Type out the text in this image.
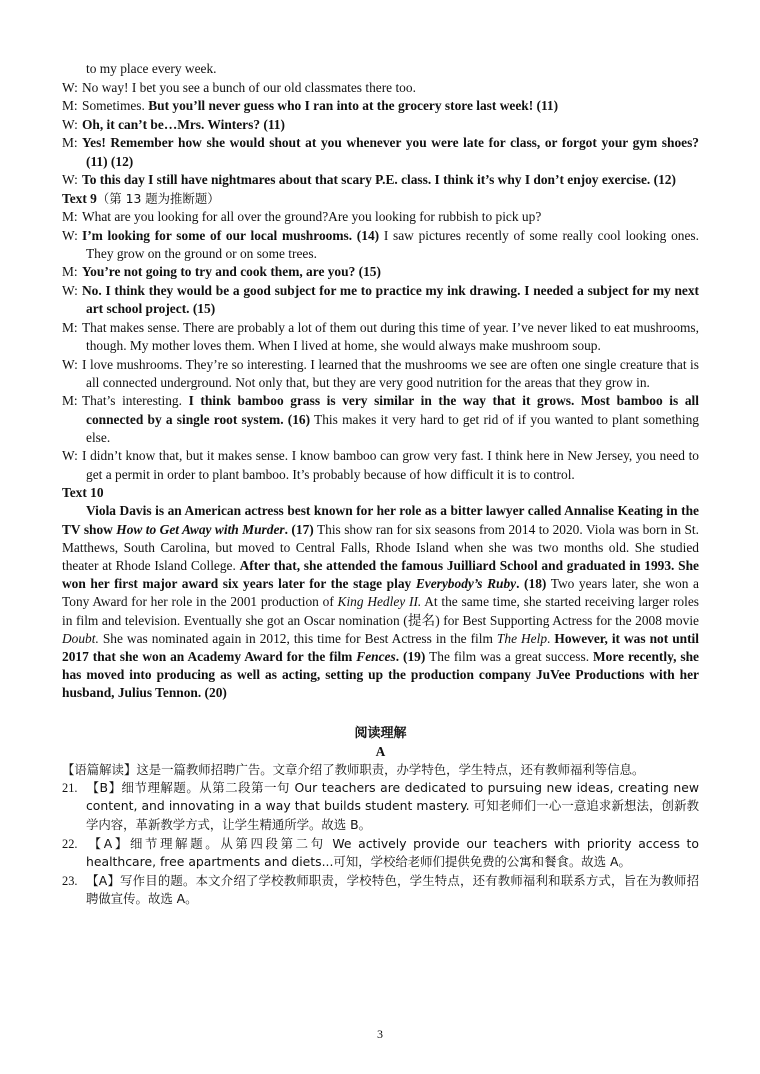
to my place every week.
W: No way! I bet you see a bunch of our old classmates there too.
M: Sometimes. But you’ll never guess who I ran into at the grocery store last week! (11)
W: Oh, it can’t be…Mrs. Winters? (11)
M: Yes! Remember how she would shout at you whenever you were late for class, or forgot your gym shoes? (11) (12)
W: To this day I still have nightmares about that scary P.E. class. I think it’s why I don’t enjoy exercise. (12)
Text 9（第 13 题为推断题）
M: What are you looking for all over the ground?Are you looking for rubbish to pick up?
W: I’m looking for some of our local mushrooms. (14) I saw pictures recently of some really cool looking ones. They grow on the ground or on some trees.
M: You’re not going to try and cook them, are you? (15)
W: No. I think they would be a good subject for me to practice my ink drawing. I needed a subject for my next art school project. (15)
M: That makes sense. There are probably a lot of them out during this time of year. I’ve never liked to eat mushrooms, though. My mother loves them. When I lived at home, she would always make mushroom soup.
W: I love mushrooms. They’re so interesting. I learned that the mushrooms we see are often one single creature that is all connected underground. Not only that, but they are very good nutrition for the areas that they grow in.
M: That’s interesting. I think bamboo grass is very similar in the way that it grows. Most bamboo is all connected by a single root system. (16) This makes it very hard to get rid of if you wanted to plant something else.
W: I didn’t know that, but it makes sense. I know bamboo can grow very fast. I think here in New Jersey, you need to get a permit in order to plant bamboo. It’s probably because of how difficult it is to control.
Text 10

Viola Davis is an American actress best known for her role as a bitter lawyer called Annalise Keating in the TV show How to Get Away with Murder. (17) This show ran for six seasons from 2014 to 2020. Viola was born in St. Matthews, South Carolina, but moved to Central Falls, Rhode Island when she was two months old. She studied theater at Rhode Island College. After that, she attended the famous Juilliard School and graduated in 1993. She won her first major award six years later for the stage play Everybody’s Ruby. (18) Two years later, she won a Tony Award for her role in the 2001 production of King Hedley II. At the same time, she started receiving larger roles in film and television. Eventually she got an Oscar nomination (提名) for Best Supporting Actress for the 2008 movie Doubt. She was nominated again in 2012, this time for Best Actress in the film The Help. However, it was not until 2017 that she won an Academy Award for the film Fences. (19) The film was a great success. More recently, she has moved into producing as well as acting, setting up the production company JuVee Productions with her husband, Julius Tennon. (20)

阅读理解
A
【语篇解读】这是一篇教师招聘广告。文章介绍了教师职责，办学特色，学生特点，还有教师福利等信息。
21. 【B】细节理解题。从第二段第一句 Our teachers are dedicated to pursuing new ideas, creating new content, and innovating in a way that builds student mastery. 可知老师们一心一意追求新想法，创新教学内容，革新教学方式，让学生精通所学。故选 B。
22. 【A】细节理解题。从第四段第二句 We actively provide our teachers with priority access to healthcare, free apartments and diets...可知，学校给老师们提供免费的公寓和餐食。故选 A。
23. 【A】写作目的题。本文介绍了学校教师职责，学校特色，学生特点，还有教师福利和联系方式，旨在为教师招聘做宣传。故选 A。
3
